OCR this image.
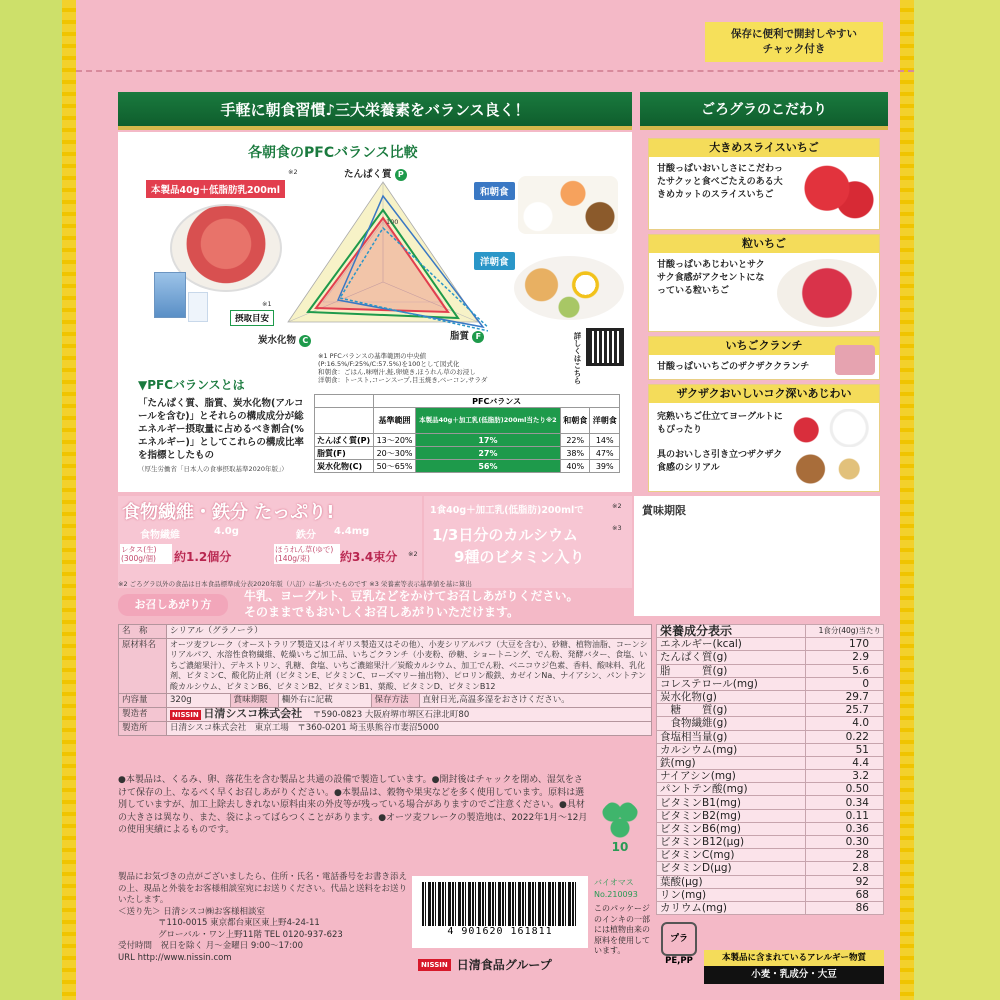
保存に便利で開封しやすい
チャック付き
手軽に朝食習慣♪三大栄養素をバランス良く！	ごろグラのこだわり
各朝食のPFCバランス比較
本製品40g＋低脂肪乳200ml
※2	たんぱく質 P
100
脂質 F
炭水化物 C
摂取目安
※1
和朝食
洋朝食
詳しくはこちら
※1 PFCバランスの基準範囲の中央値
(P:16.5%/F:25%/C:57.5%)を100として図式化
和朝食：ごはん,味噌汁,鮭,卵焼き,ほうれん草のお浸し
洋朝食：トースト,コーンスープ,目玉焼き,ベーコン,サラダ
	PFCバランス			
	基準範囲	本製品40g＋加工乳(低脂肪)200ml当たり※2	和朝食	洋朝食
たんぱく質(P)	13〜20%	17%	22%	14%
脂質(F)	20〜30%	27%	38%	47%
炭水化物(C)	50〜65%	56%	40%	39%
▼PFCバランスとは
「たんぱく質、脂質、炭水化物(アルコールを含む)」とそれらの構成成分が総エネルギー摂取量に占めるべき割合(%エネルギー)」としてこれらの構成比率を指標としたもの
（厚生労働省「日本人の食事摂取基準2020年版」）
大きめスライスいちご
甘酸っぱいおいしさにこだわったサクッと食べごたえのある大きめカットのスライスいちご
粒いちご
甘酸っぱいあじわいとサクサク食感がアクセントになっている粒いちご
いちごクランチ
甘酸っぱいいちごのザクザククランチ
ザクザクおいしいコク深いあじわい
完熟いちご仕立てヨーグルトにもぴったり
具のおいしさ引き立つザクザク食感のシリアル
食物繊維・鉄分 たっぷり!
食物繊維	4.0g	鉄分 4.4mg
レタス(生)(300g/個)	約1.2個分
ほうれん草(ゆで)(140g/束)	約3.4束分 ※2
1食40g＋加工乳(低脂肪)200mlで	※2
1/3日分のカルシウム	※3
9種のビタミン入り
賞味期限
※2 ごろグラ以外の食品は日本食品標準成分表2020年版（八訂）に基づいたものです ※3 栄養素等表示基準値を基に算出
お召しあがり方
牛乳、ヨーグルト、豆乳などをかけてお召しあがりください。
そのままでもおいしくお召しあがりいただけます。
名　称	シリアル（グラノーラ）				
原材料名	オーツ麦フレーク（オーストラリア製造又はイギリス製造又はその他）、小麦シリアルパフ（大豆を含む）、砂糖、植物油脂、コーンシリアルパフ、水溶性食物繊維、乾燥いちご加工品、いちごクランチ（小麦粉、砂糖、ショートニング、でん粉、発酵バター、食塩、いちご濃縮果汁）、デキストリン、乳糖、食塩、いちご濃縮果汁／炭酸カルシウム、加工でん粉、ベニコウジ色素、香料、酸味料、乳化剤、ビタミンC、酸化防止剤（ビタミンE、ビタミンC、ローズマリー抽出物）、ピロリン酸鉄、カゼインNa、ナイアシン、パントテン酸カルシウム、ビタミンB6、ビタミンB2、ビタミンB1、葉酸、ビタミンD、ビタミンB12				
内容量	320g	賞味期限	欄外右に記載	保存方法	直射日光,高温多湿をおさけください。
製造者	NISSIN 日清シスコ株式会社 〒590-0823 大阪府堺市堺区石津北町80				
製造所	日清シスコ株式会社　東京工場　〒360-0201 埼玉県熊谷市妻沼5000				
●本製品は、くるみ、卵、落花生を含む製品と共通の設備で製造しています。●開封後はチャックを閉め、湿気をさけて保存の上、なるべく早くお召しあがりください。●本製品は、穀物や果実などを多く使用しています。原料は選別していますが、加工上除去しきれない原料由来の外皮等が残っている場合がありますのでご注意ください。●具材の大きさは異なり、また、袋によってばらつくことがあります。●オーツ麦フレークの製造地は、2022年1月〜12月の使用実績によるものです。
10
バイオマス
No.210093
このパッケージのインキの一部には植物由来の原料を使用しています。
製品にお気づきの点がございましたら、住所・氏名・電話番号をお書き添えの上、現品と外装をお客様相談室宛にお送りください。代品と送料をお送りいたします。
＜送り先＞ 日清シスコ㈱お客様相談室
〒110-0015 東京都台東区東上野4-24-11
グローバル・ワン上野11階 TEL 0120-937-623
受付時間　祝日を除く 月〜金曜日 9:00〜17:00
URL http://www.nissin.com
4 901620 161811
NISSIN 日清食品グループ
栄養成分表示	1食分(40g)当たり
エネルギー(kcal)	170
たんぱく質(g)	2.9
脂　　　質(g)	5.6
コレステロール(mg)	0
炭水化物(g)	29.7
　糖　　質(g)	25.7
　食物繊維(g)	4.0
食塩相当量(g)	0.22
カルシウム(mg)	51
鉄(mg)	4.4
ナイアシン(mg)	3.2
パントテン酸(mg)	0.50
ビタミンB1(mg)	0.34
ビタミンB2(mg)	0.11
ビタミンB6(mg)	0.36
ビタミンB12(μg)	0.30
ビタミンC(mg)	28
ビタミンD(μg)	2.8
葉酸(μg)	92
リン(mg)	68
カリウム(mg)	86
プラ
PE,PP	本製品に含まれているアレルギー物質
小麦・乳成分・大豆
